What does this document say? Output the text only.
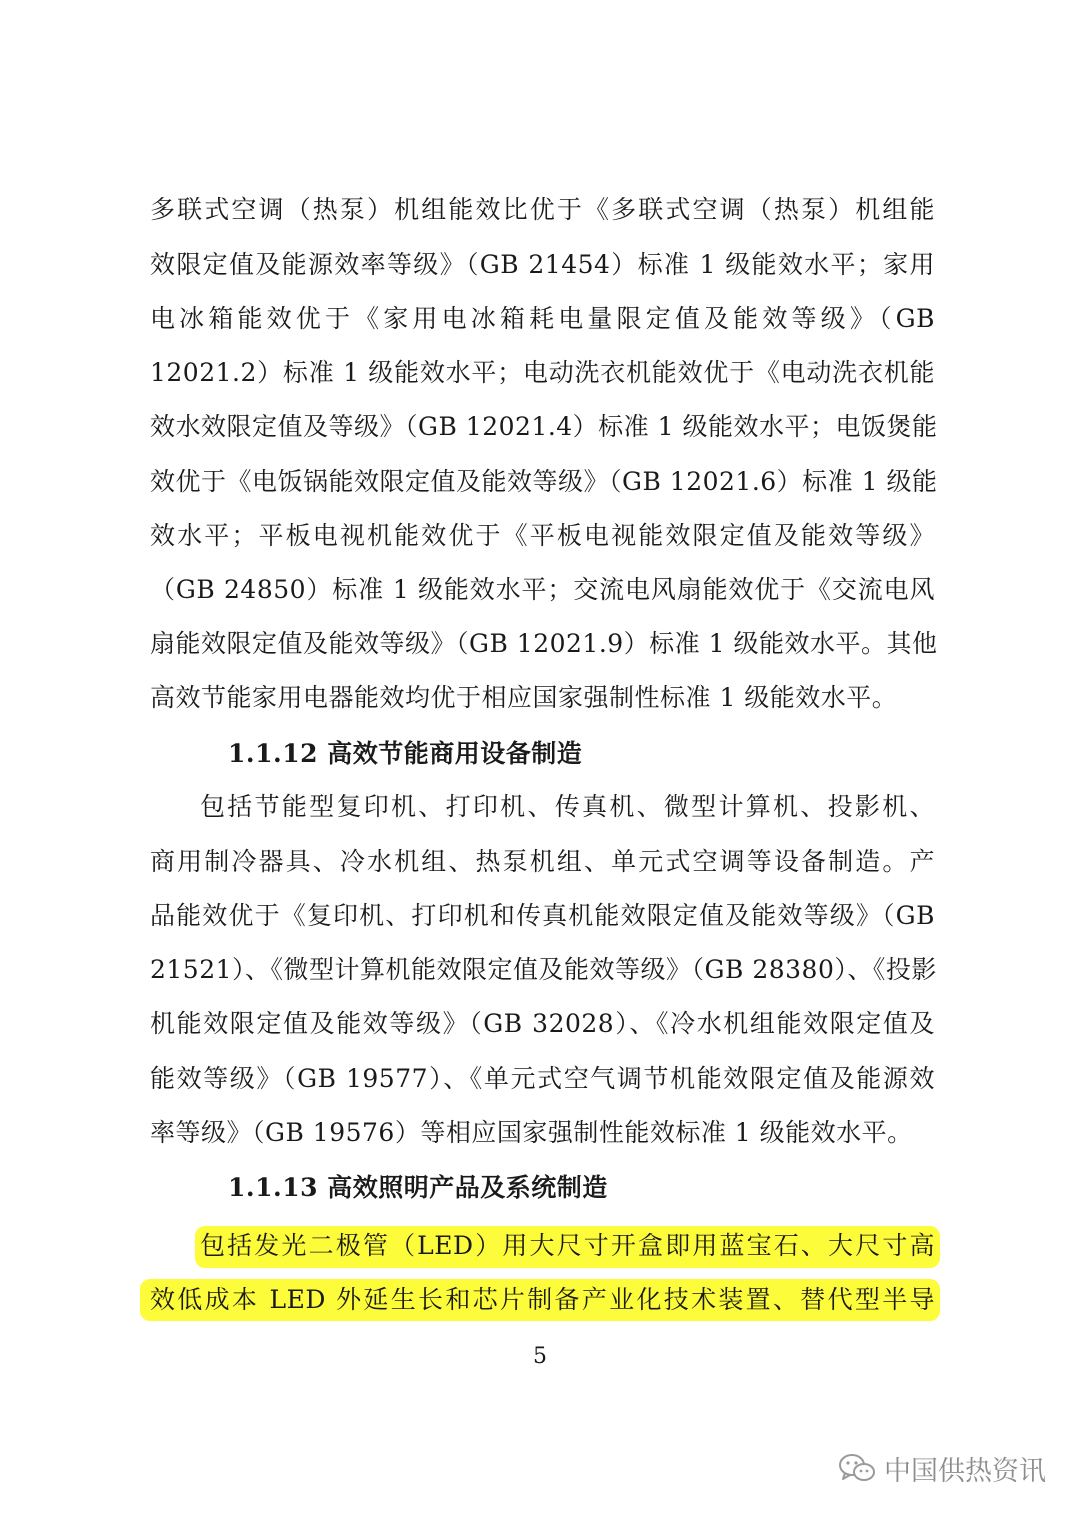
多联式空调（热泵）机组能效比优于《多联式空调（热泵）机组能
效限定值及能源效率等级》（GB 21454）标准 1 级能效水平；家用
电冰箱能效优于《家用电冰箱耗电量限定值及能效等级》（GB
12021.2）标准 1 级能效水平；电动洗衣机能效优于《电动洗衣机能
效水效限定值及等级》（GB 12021.4）标准 1 级能效水平；电饭煲能
效优于《电饭锅能效限定值及能效等级》（GB 12021.6）标准 1 级能
效水平；平板电视机能效优于《平板电视能效限定值及能效等级》
（GB 24850）标准 1 级能效水平；交流电风扇能效优于《交流电风
扇能效限定值及能效等级》（GB 12021.9）标准 1 级能效水平。其他
高效节能家用电器能效均优于相应国家强制性标准 1 级能效水平。
1.1.12 高效节能商用设备制造
包括节能型复印机、打印机、传真机、微型计算机、投影机、
商用制冷器具、冷水机组、热泵机组、单元式空调等设备制造。产
品能效优于《复印机、打印机和传真机能效限定值及能效等级》（GB
21521）、《微型计算机能效限定值及能效等级》（GB 28380）、《投影
机能效限定值及能效等级》（GB 32028）、《冷水机组能效限定值及
能效等级》（GB 19577）、《单元式空气调节机能效限定值及能源效
率等级》（GB 19576）等相应国家强制性能效标准 1 级能效水平。
1.1.13 高效照明产品及系统制造
包括发光二极管（LED）用大尺寸开盒即用蓝宝石、大尺寸高
效低成本 LED 外延生长和芯片制备产业化技术装置、替代型半导
5
中国供热资讯
